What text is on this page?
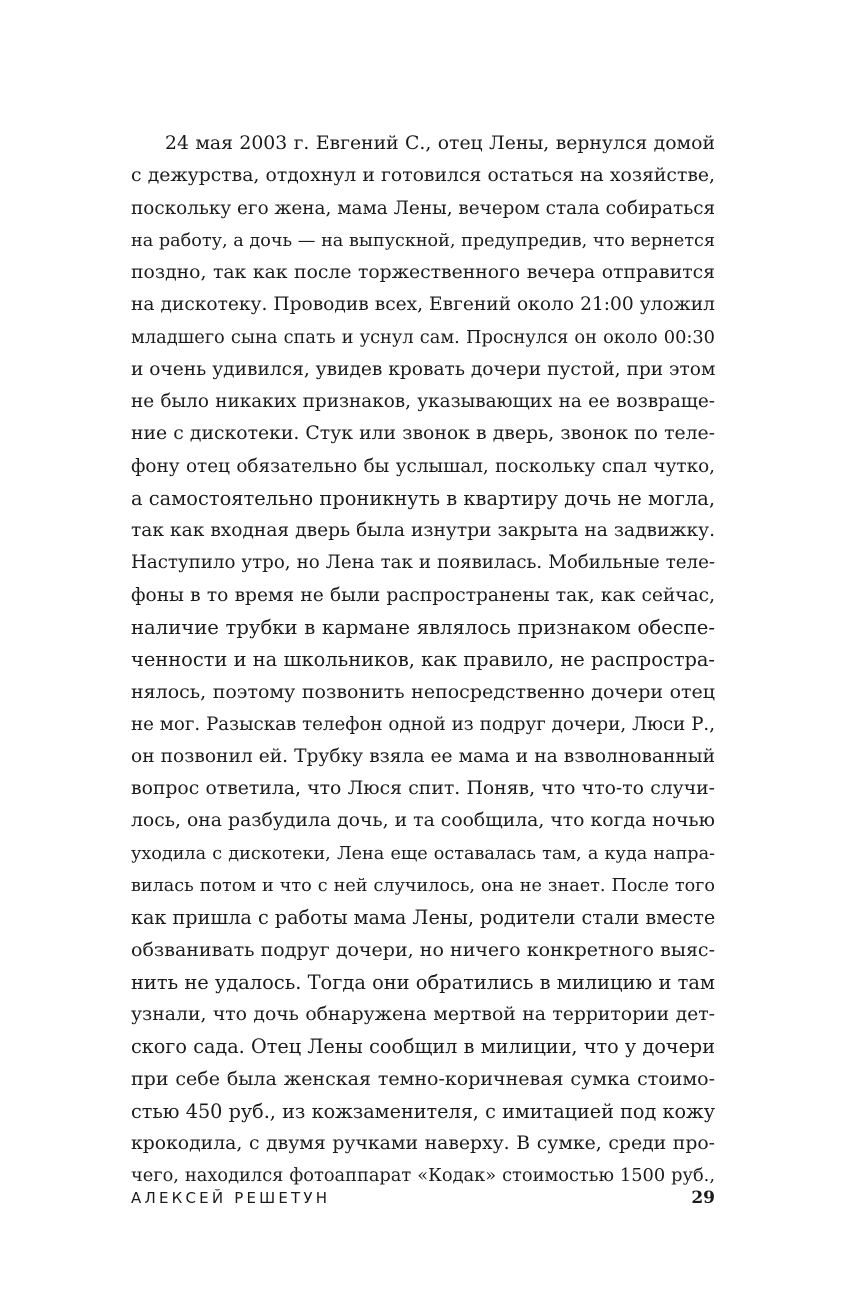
24 мая 2003 г. Евгений С., отец Лены, вернулся домой
с дежурства, отдохнул и готовился остаться на хозяйстве,
поскольку его жена, мама Лены, вечером стала собираться
на работу, а дочь — на выпускной, предупредив, что вернется
поздно, так как после торжественного вечера отправится
на дискотеку. Проводив всех, Евгений около 21:00 уложил
младшего сына спать и уснул сам. Проснулся он около 00:30
и очень удивился, увидев кровать дочери пустой, при этом
не было никаких признаков, указывающих на ее возвраще-
ние с дискотеки. Стук или звонок в дверь, звонок по теле-
фону отец обязательно бы услышал, поскольку спал чутко,
а самостоятельно проникнуть в квартиру дочь не могла,
так как входная дверь была изнутри закрыта на задвижку.
Наступило утро, но Лена так и появилась. Мобильные теле-
фоны в то время не были распространены так, как сейчас,
наличие трубки в кармане являлось признаком обеспе-
ченности и на школьников, как правило, не распростра-
нялось, поэтому позвонить непосредственно дочери отец
не мог. Разыскав телефон одной из подруг дочери, Люси Р.,
он позвонил ей. Трубку взяла ее мама и на взволнованный
вопрос ответила, что Люся спит. Поняв, что что-то случи-
лось, она разбудила дочь, и та сообщила, что когда ночью
уходила с дискотеки, Лена еще оставалась там, а куда напра-
вилась потом и что с ней случилось, она не знает. После того
как пришла с работы мама Лены, родители стали вместе
обзванивать подруг дочери, но ничего конкретного выяс-
нить не удалось. Тогда они обратились в милицию и там
узнали, что дочь обнаружена мертвой на территории дет-
ского сада. Отец Лены сообщил в милиции, что у дочери
при себе была женская темно-коричневая сумка стоимо-
стью 450 руб., из кожзаменителя, с имитацией под кожу
крокодила, с двумя ручками наверху. В сумке, среди про-
чего, находился фотоаппарат «Кодак» стоимостью 1500 руб.,
АЛЕКСЕЙ РЕШЕТУН	29
